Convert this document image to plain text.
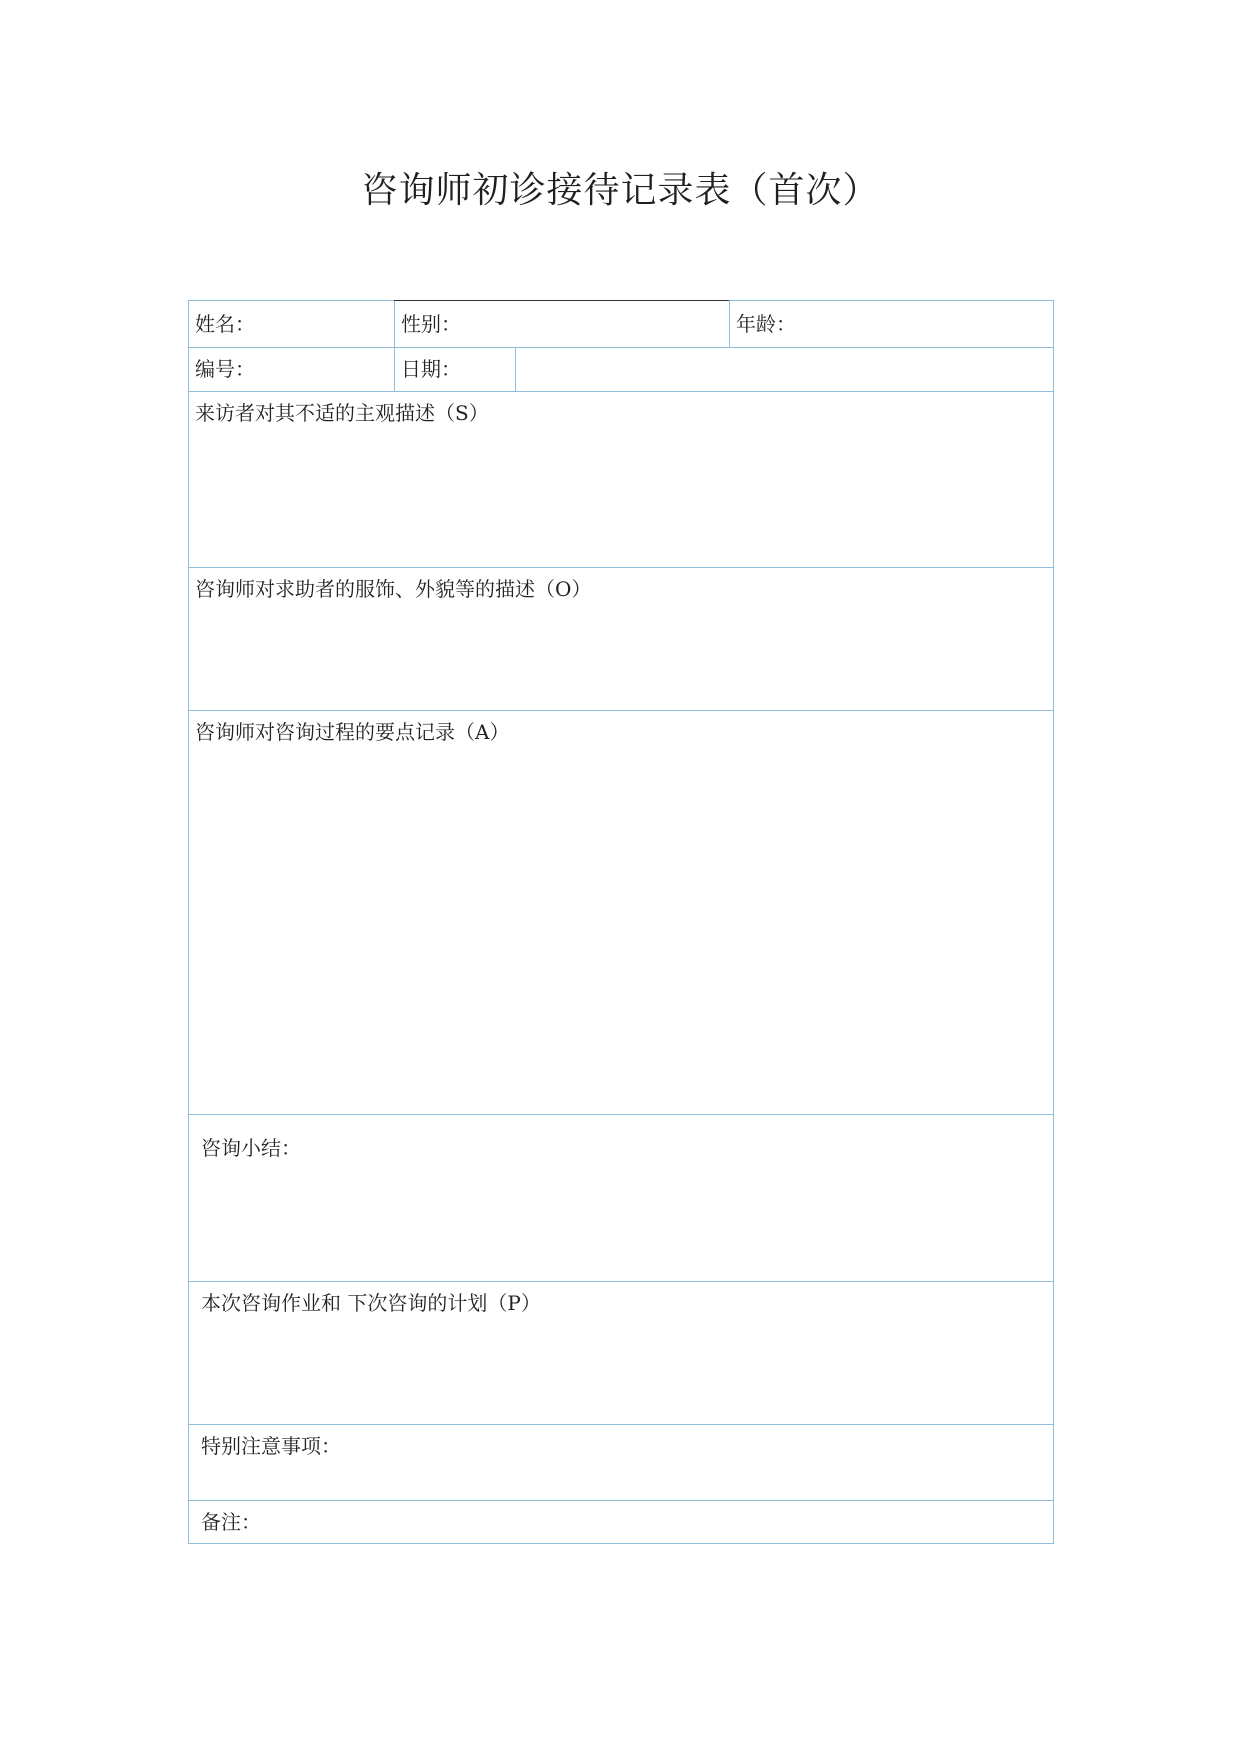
咨询师初诊接待记录表（首次）
姓名：	性别：	年龄：
编号：	日期：
来访者对其不适的主观描述（S）
咨询师对求助者的服饰、外貌等的描述（O）
咨询师对咨询过程的要点记录（A）
咨询小结：
本次咨询作业和 下次咨询的计划（P）
特别注意事项：
备注：
